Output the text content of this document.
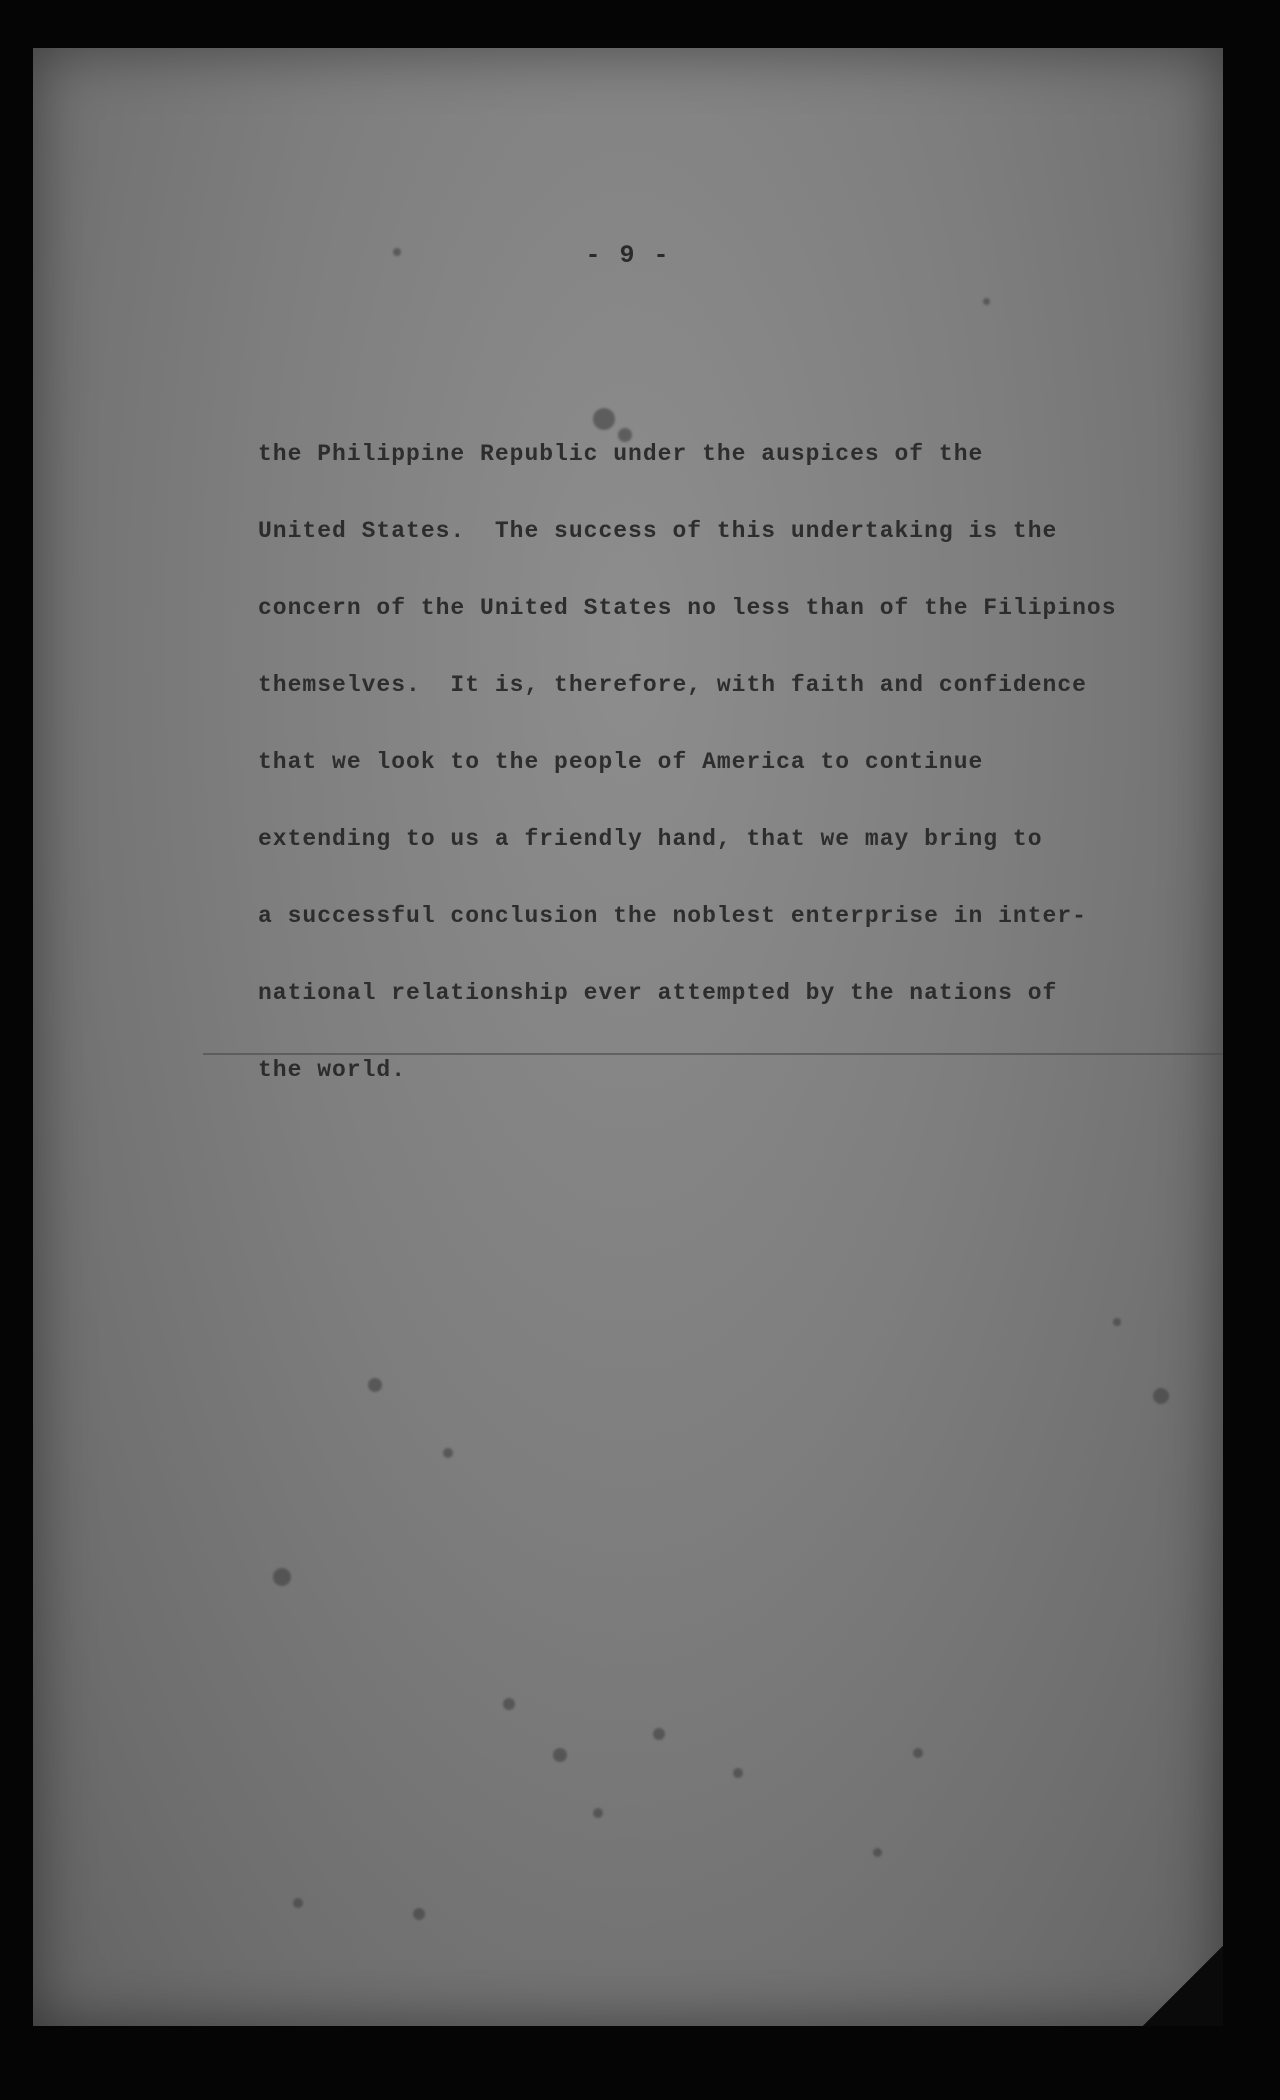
- 9 -
the Philippine Republic under the auspices of the
United States.  The success of this undertaking is the
concern of the United States no less than of the Filipinos
themselves.  It is, therefore, with faith and confidence
that we look to the people of America to continue
extending to us a friendly hand, that we may bring to
a successful conclusion the noblest enterprise in inter-
national relationship ever attempted by the nations of
the world.
